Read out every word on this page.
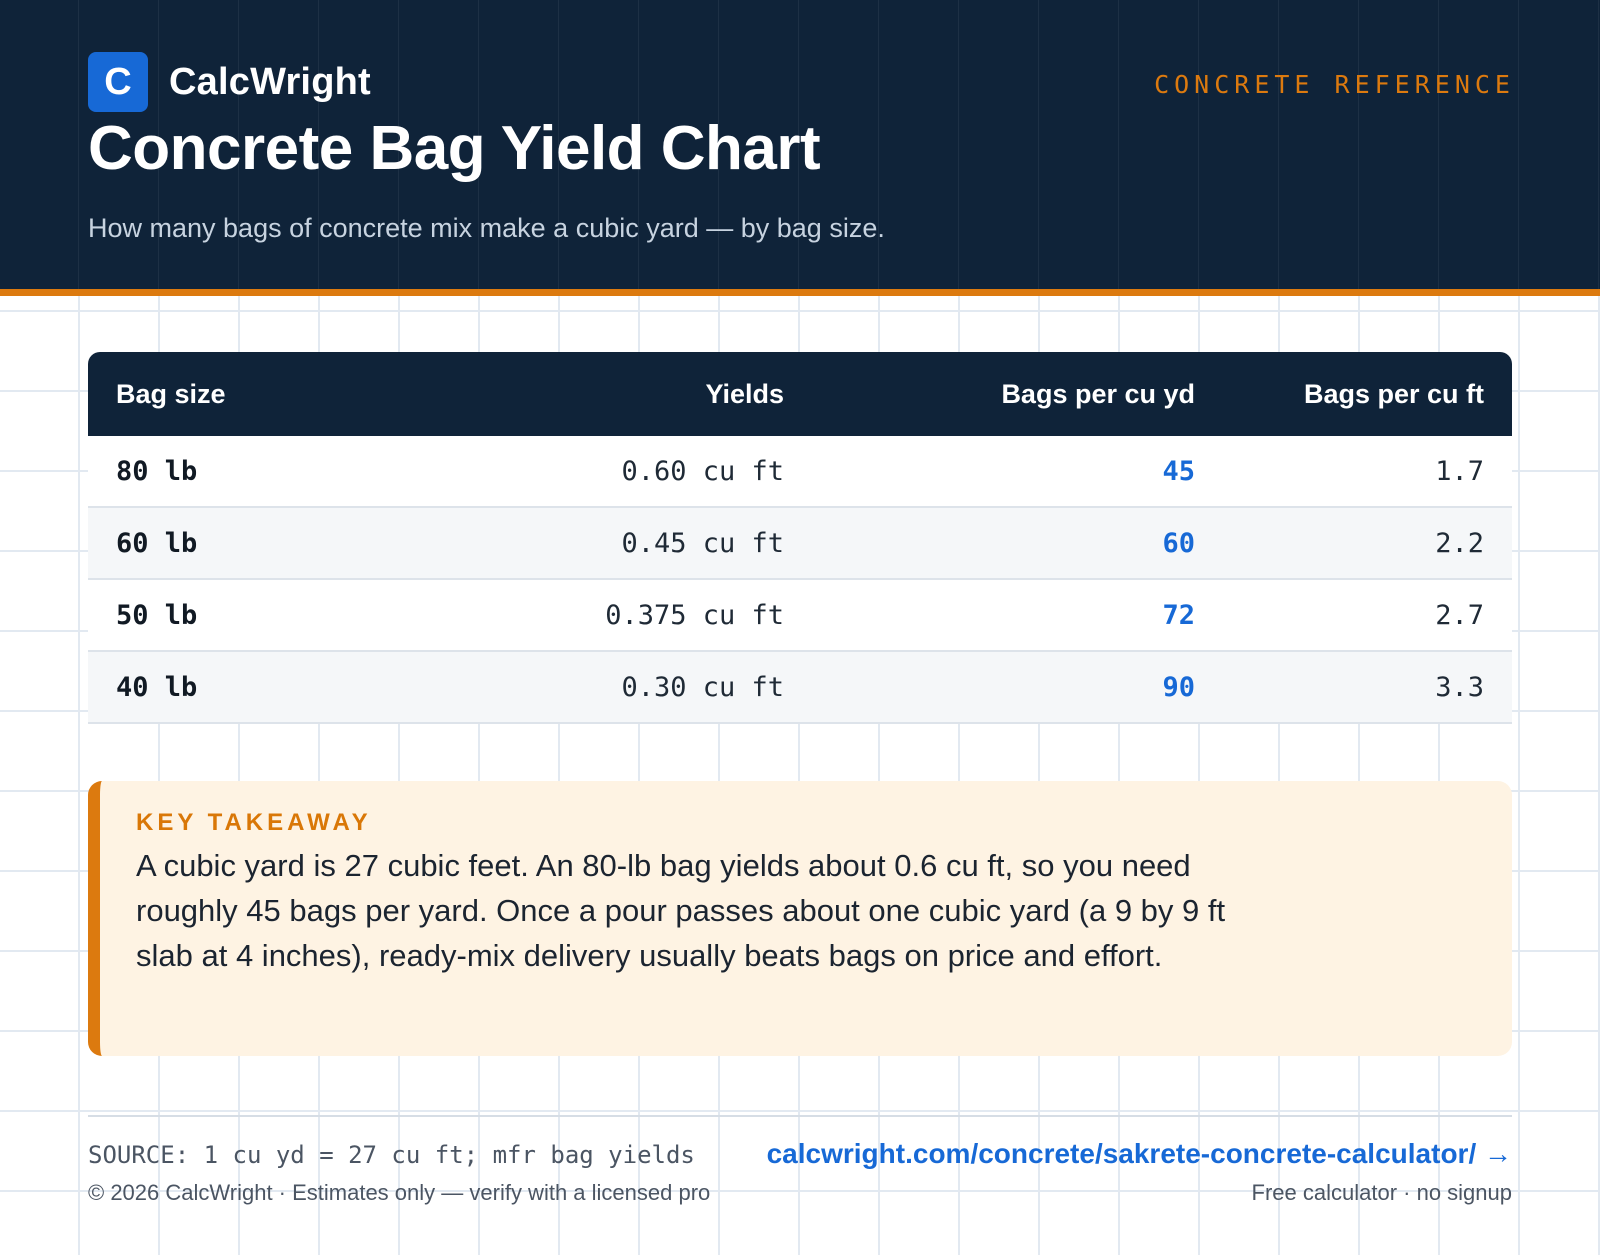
C CalcWright	CONCRETE REFERENCE
Concrete Bag Yield Chart

How many bags of concrete mix make a cubic yard — by bag size.

Bag size	Yields	Bags per cu yd	Bags per cu ft
80 lb	0.60 cu ft	45	1.7
60 lb	0.45 cu ft	60	2.2
50 lb	0.375 cu ft	72	2.7
40 lb	0.30 cu ft	90	3.3
KEY TAKEAWAY

A cubic yard is 27 cubic feet. An 80-lb bag yields about 0.6 cu ft, so you need roughly 45 bags per yard. Once a pour passes about one cubic yard (a 9 by 9 ft slab at 4 inches), ready-mix delivery usually beats bags on price and effort.

SOURCE: 1 cu yd = 27 cu ft; mfr bag yields	calcwright.com/concrete/sakrete-concrete-calculator/ →
© 2026 CalcWright · Estimates only — verify with a licensed pro	Free calculator · no signup
